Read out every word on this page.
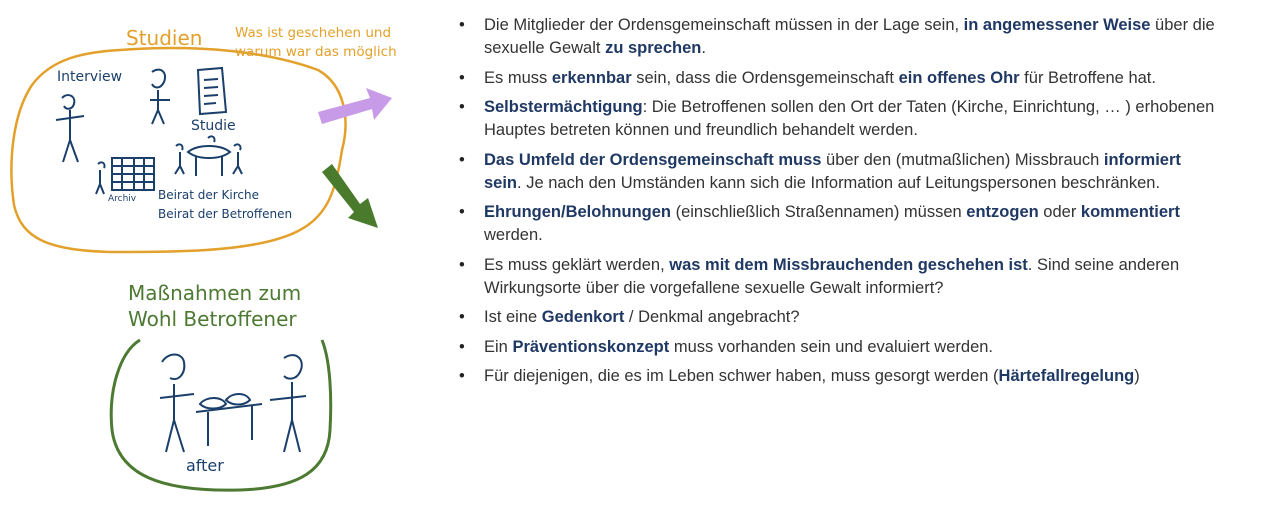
Studien Was ist geschehen und
warum war das möglich
Interview
Studie
Archiv Beirat der Kirche
Beirat der Betroffenen
Maßnahmen zum
Wohl Betroffener
after
• Die Mitglieder der Ordensgemeinschaft müssen in der Lage sein, in angemessener Weise über die sexuelle Gewalt zu sprechen.
• Es muss erkennbar sein, dass die Ordensgemeinschaft ein offenes Ohr für Betroffene hat.
• Selbstermächtigung: Die Betroffenen sollen den Ort der Taten (Kirche, Einrichtung, … ) erhobenen Hauptes betreten können und freundlich behandelt werden.
• Das Umfeld der Ordensgemeinschaft muss über den (mutmaßlichen) Missbrauch informiert sein. Je nach den Umständen kann sich die Information auf Leitungspersonen beschränken.
• Ehrungen/Belohnungen (einschließlich Straßennamen) müssen entzogen oder kommentiert werden.
• Es muss geklärt werden, was mit dem Missbrauchenden geschehen ist. Sind seine anderen Wirkungsorte über die vorgefallene sexuelle Gewalt informiert?
• Ist eine Gedenkort / Denkmal angebracht?
• Ein Präventionskonzept muss vorhanden sein und evaluiert werden.
• Für diejenigen, die es im Leben schwer haben, muss gesorgt werden (Härtefallregelung)
